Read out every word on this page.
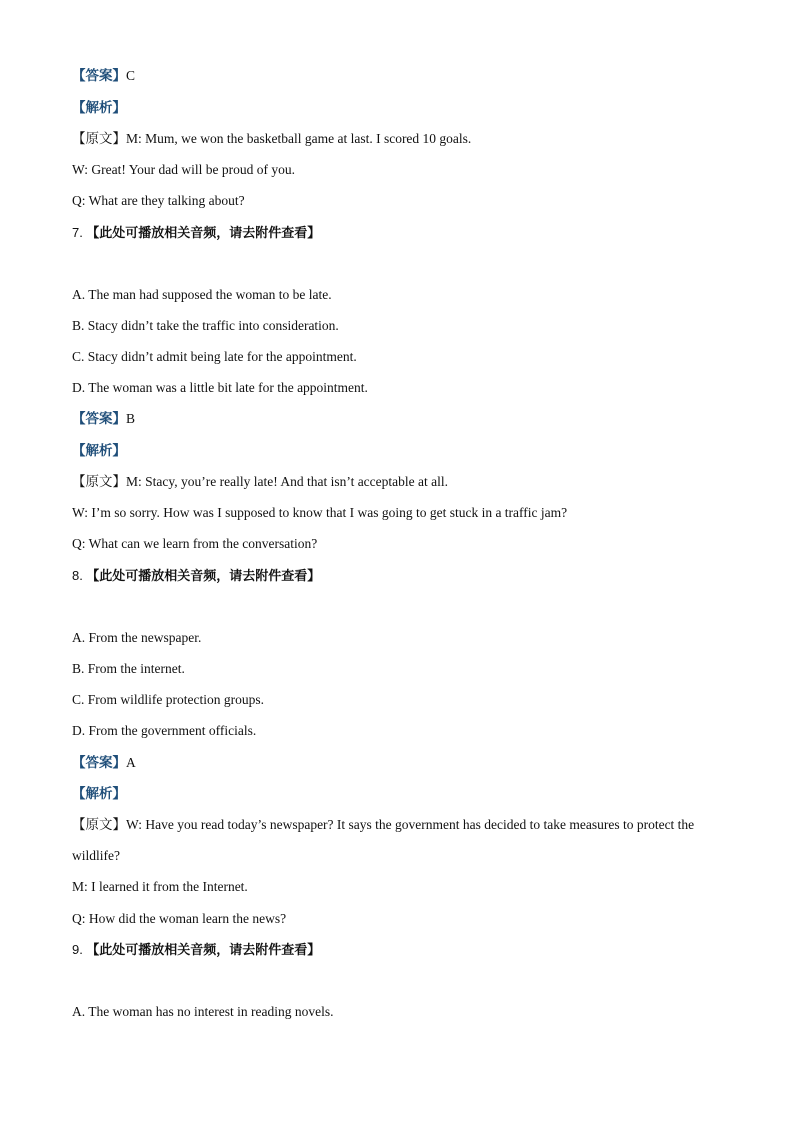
【答案】C
【解析】
【原文】M: Mum, we won the basketball game at last. I scored 10 goals.
W: Great! Your dad will be proud of you.
Q: What are they talking about?
7. 【此处可播放相关音频，请去附件查看】
A. The man had supposed the woman to be late.
B. Stacy didn’t take the traffic into consideration.
C. Stacy didn’t admit being late for the appointment.
D. The woman was a little bit late for the appointment.
【答案】B
【解析】
【原文】M: Stacy, you’re really late! And that isn’t acceptable at all.
W: I’m so sorry. How was I supposed to know that I was going to get stuck in a traffic jam?
Q: What can we learn from the conversation?
8. 【此处可播放相关音频，请去附件查看】
A. From the newspaper.
B. From the internet.
C. From wildlife protection groups.
D. From the government officials.
【答案】A
【解析】
【原文】W: Have you read today’s newspaper? It says the government has decided to take measures to protect the
wildlife?
M: I learned it from the Internet.
Q: How did the woman learn the news?
9. 【此处可播放相关音频，请去附件查看】
A. The woman has no interest in reading novels.
